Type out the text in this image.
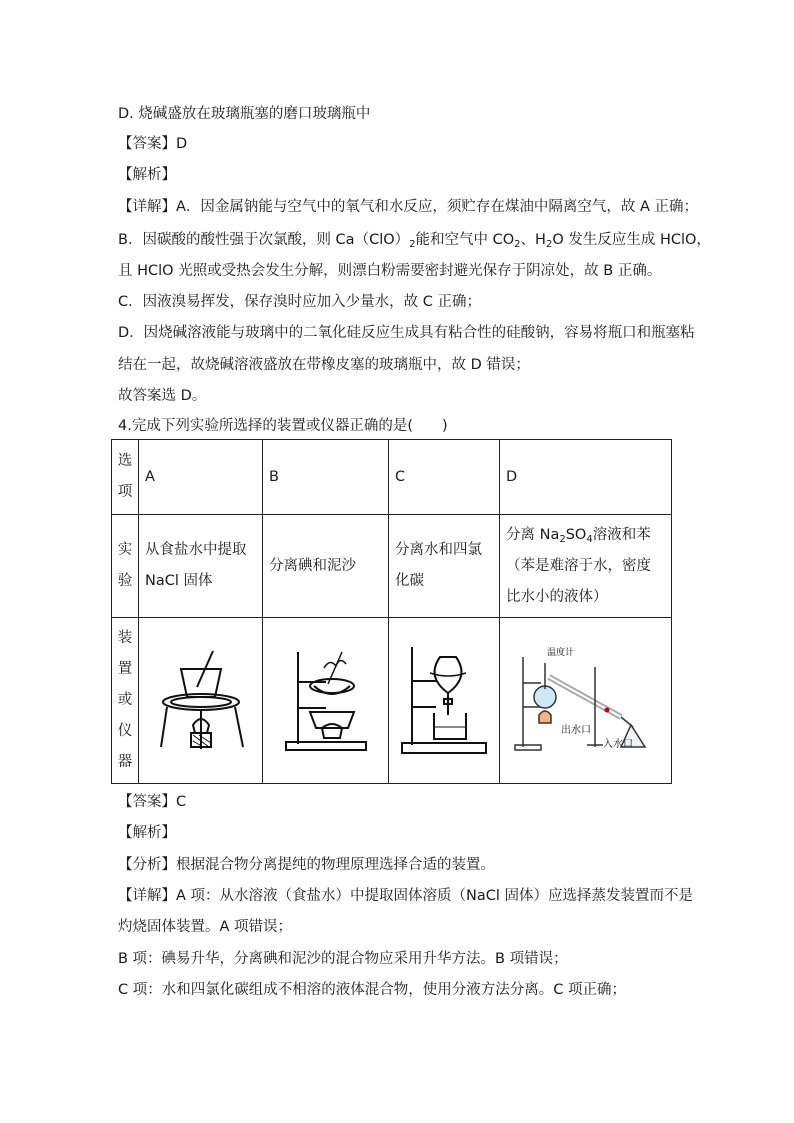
D. 烧碱盛放在玻璃瓶塞的磨口玻璃瓶中
【答案】D
【解析】
【详解】A．因金属钠能与空气中的氧气和水反应，须贮存在煤油中隔离空气，故 A 正确；
B．因碳酸的酸性强于次氯酸，则 $Ca(ClO)_2$能和空气中 $CO_2$、$H_2O$ 发生反应生成 HClO，
且 HClO 光照或受热会发生分解，则漂白粉需要密封避光保存于阴凉处，故 B 正确。
C．因液溴易挥发，保存溴时应加入少量水，故 C 正确；
D．因烧碱溶液能与玻璃中的二氧化硅反应生成具有粘合性的硅酸钠，容易将瓶口和瓶塞粘
结在一起，故烧碱溶液盛放在带橡皮塞的玻璃瓶中，故 D 错误；
故答案选 D。
4.完成下列实验所选择的装置或仪器正确的是(　　)
选项	A	B	C	D
实验	从食盐水中提取NaCl 固体	分离碘和泥沙	分离水和四氯化碳	分离 $Na_2SO_4$溶液和苯（苯是难溶于水，密度比水小的液体）
装置或仪器				温度计
出水口
入水口
【答案】C
【解析】
【分析】根据混合物分离提纯的物理原理选择合适的装置。
【详解】A 项：从水溶液（食盐水）中提取固体溶质（NaCl 固体）应选择蒸发装置而不是
灼烧固体装置。A 项错误；
B 项：碘易升华，分离碘和泥沙的混合物应采用升华方法。B 项错误；
C 项：水和四氯化碳组成不相溶的液体混合物，使用分液方法分离。C 项正确；
